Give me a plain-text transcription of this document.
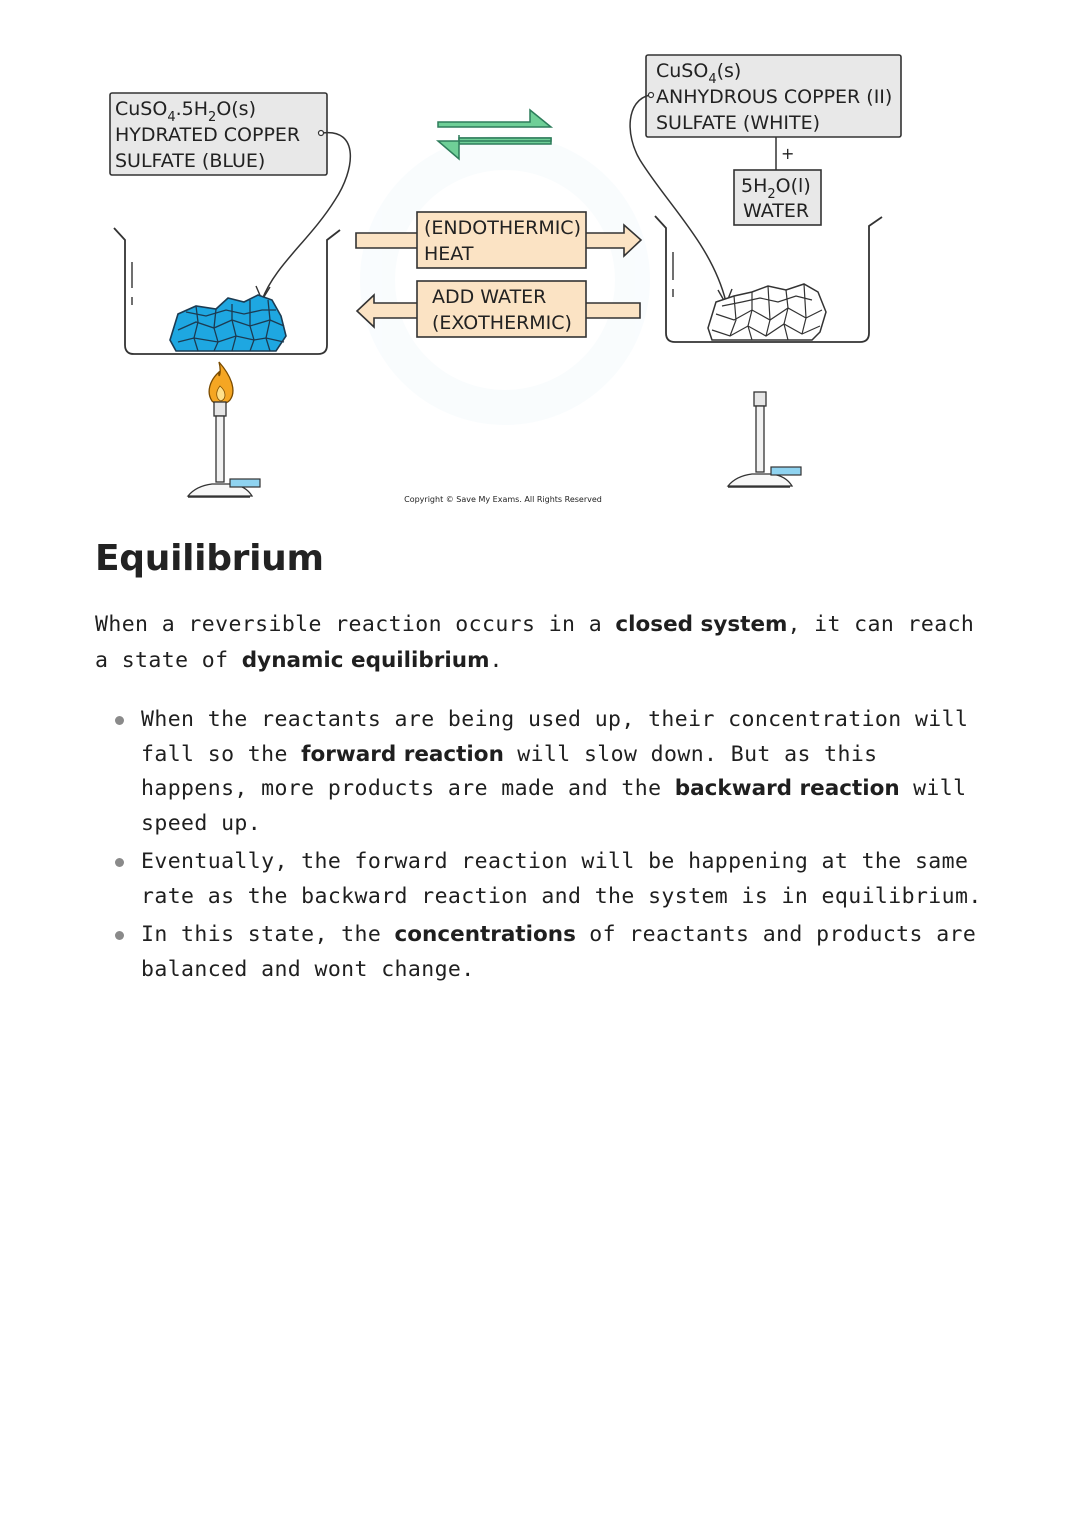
$CuSO_4.5H_2O(s)$
HYDRATED COPPER
SULFATE (BLUE)
(ENDOTHERMIC)
HEAT
ADD WATER
(EXOTHERMIC)
Copyright © Save My Exams. All Rights Reserved
CuSO$_4$(s)
ANHYDROUS COPPER (II)
SULFATE (WHITE)
+
$5H_2O(l)$
WATER
Equilibrium

When a reversible reaction occurs in a closed system, it can reach a state of dynamic equilibrium.

When the reactants are being used up, their concentration will fall so the forward reaction will slow down. But as this happens, more products are made and the backward reaction will speed up.
Eventually, the forward reaction will be happening at the same rate as the backward reaction and the system is in equilibrium.
In this state, the concentrations of reactants and products are balanced and wont change.
